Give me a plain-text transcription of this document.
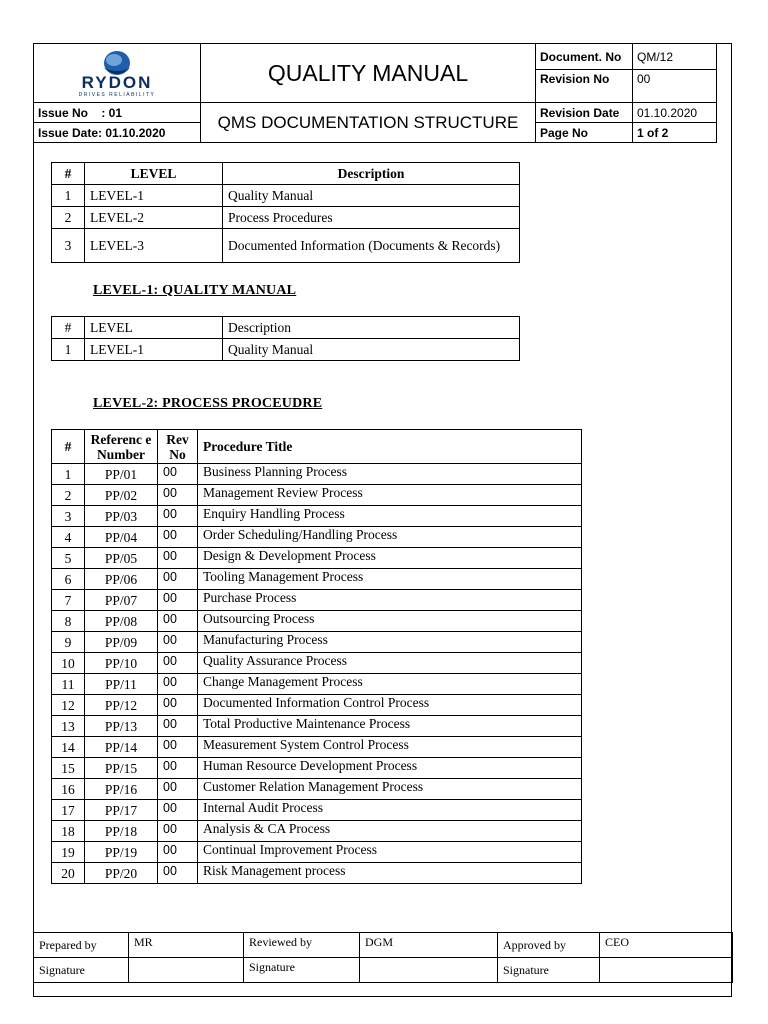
RYDON
DRIVES RELIABILITY	QUALITY MANUAL	Document. No	QM/12
		Revision No	00
Issue No    : 01	QMS DOCUMENTATION STRUCTURE	Revision Date	01.10.2020
Issue Date: 01.10.2020		Page No	1 of 2
#	LEVEL	Description
1	LEVEL-1	Quality Manual
2	LEVEL-2	Process Procedures
3	LEVEL-3	Documented Information (Documents & Records)
LEVEL-1: QUALITY MANUAL
#	LEVEL	Description
1	LEVEL-1	Quality Manual
LEVEL-2: PROCESS PROCEUDRE
#	Referenc e Number	Rev No	Procedure Title
1	PP/01	00	Business Planning Process
2	PP/02	00	Management Review Process
3	PP/03	00	Enquiry Handling Process
4	PP/04	00	Order Scheduling/Handling Process
5	PP/05	00	Design & Development Process
6	PP/06	00	Tooling Management Process
7	PP/07	00	Purchase Process
8	PP/08	00	Outsourcing Process
9	PP/09	00	Manufacturing Process
10	PP/10	00	Quality Assurance Process
11	PP/11	00	Change Management Process
12	PP/12	00	Documented Information Control Process
13	PP/13	00	Total Productive Maintenance Process
14	PP/14	00	Measurement System Control Process
15	PP/15	00	Human Resource Development Process
16	PP/16	00	Customer Relation Management Process
17	PP/17	00	Internal Audit Process
18	PP/18	00	Analysis & CA Process
19	PP/19	00	Continual Improvement Process
20	PP/20	00	Risk Management process
Prepared by	MR	Reviewed by	DGM	Approved by	CEO
Signature		Signature		Signature	
